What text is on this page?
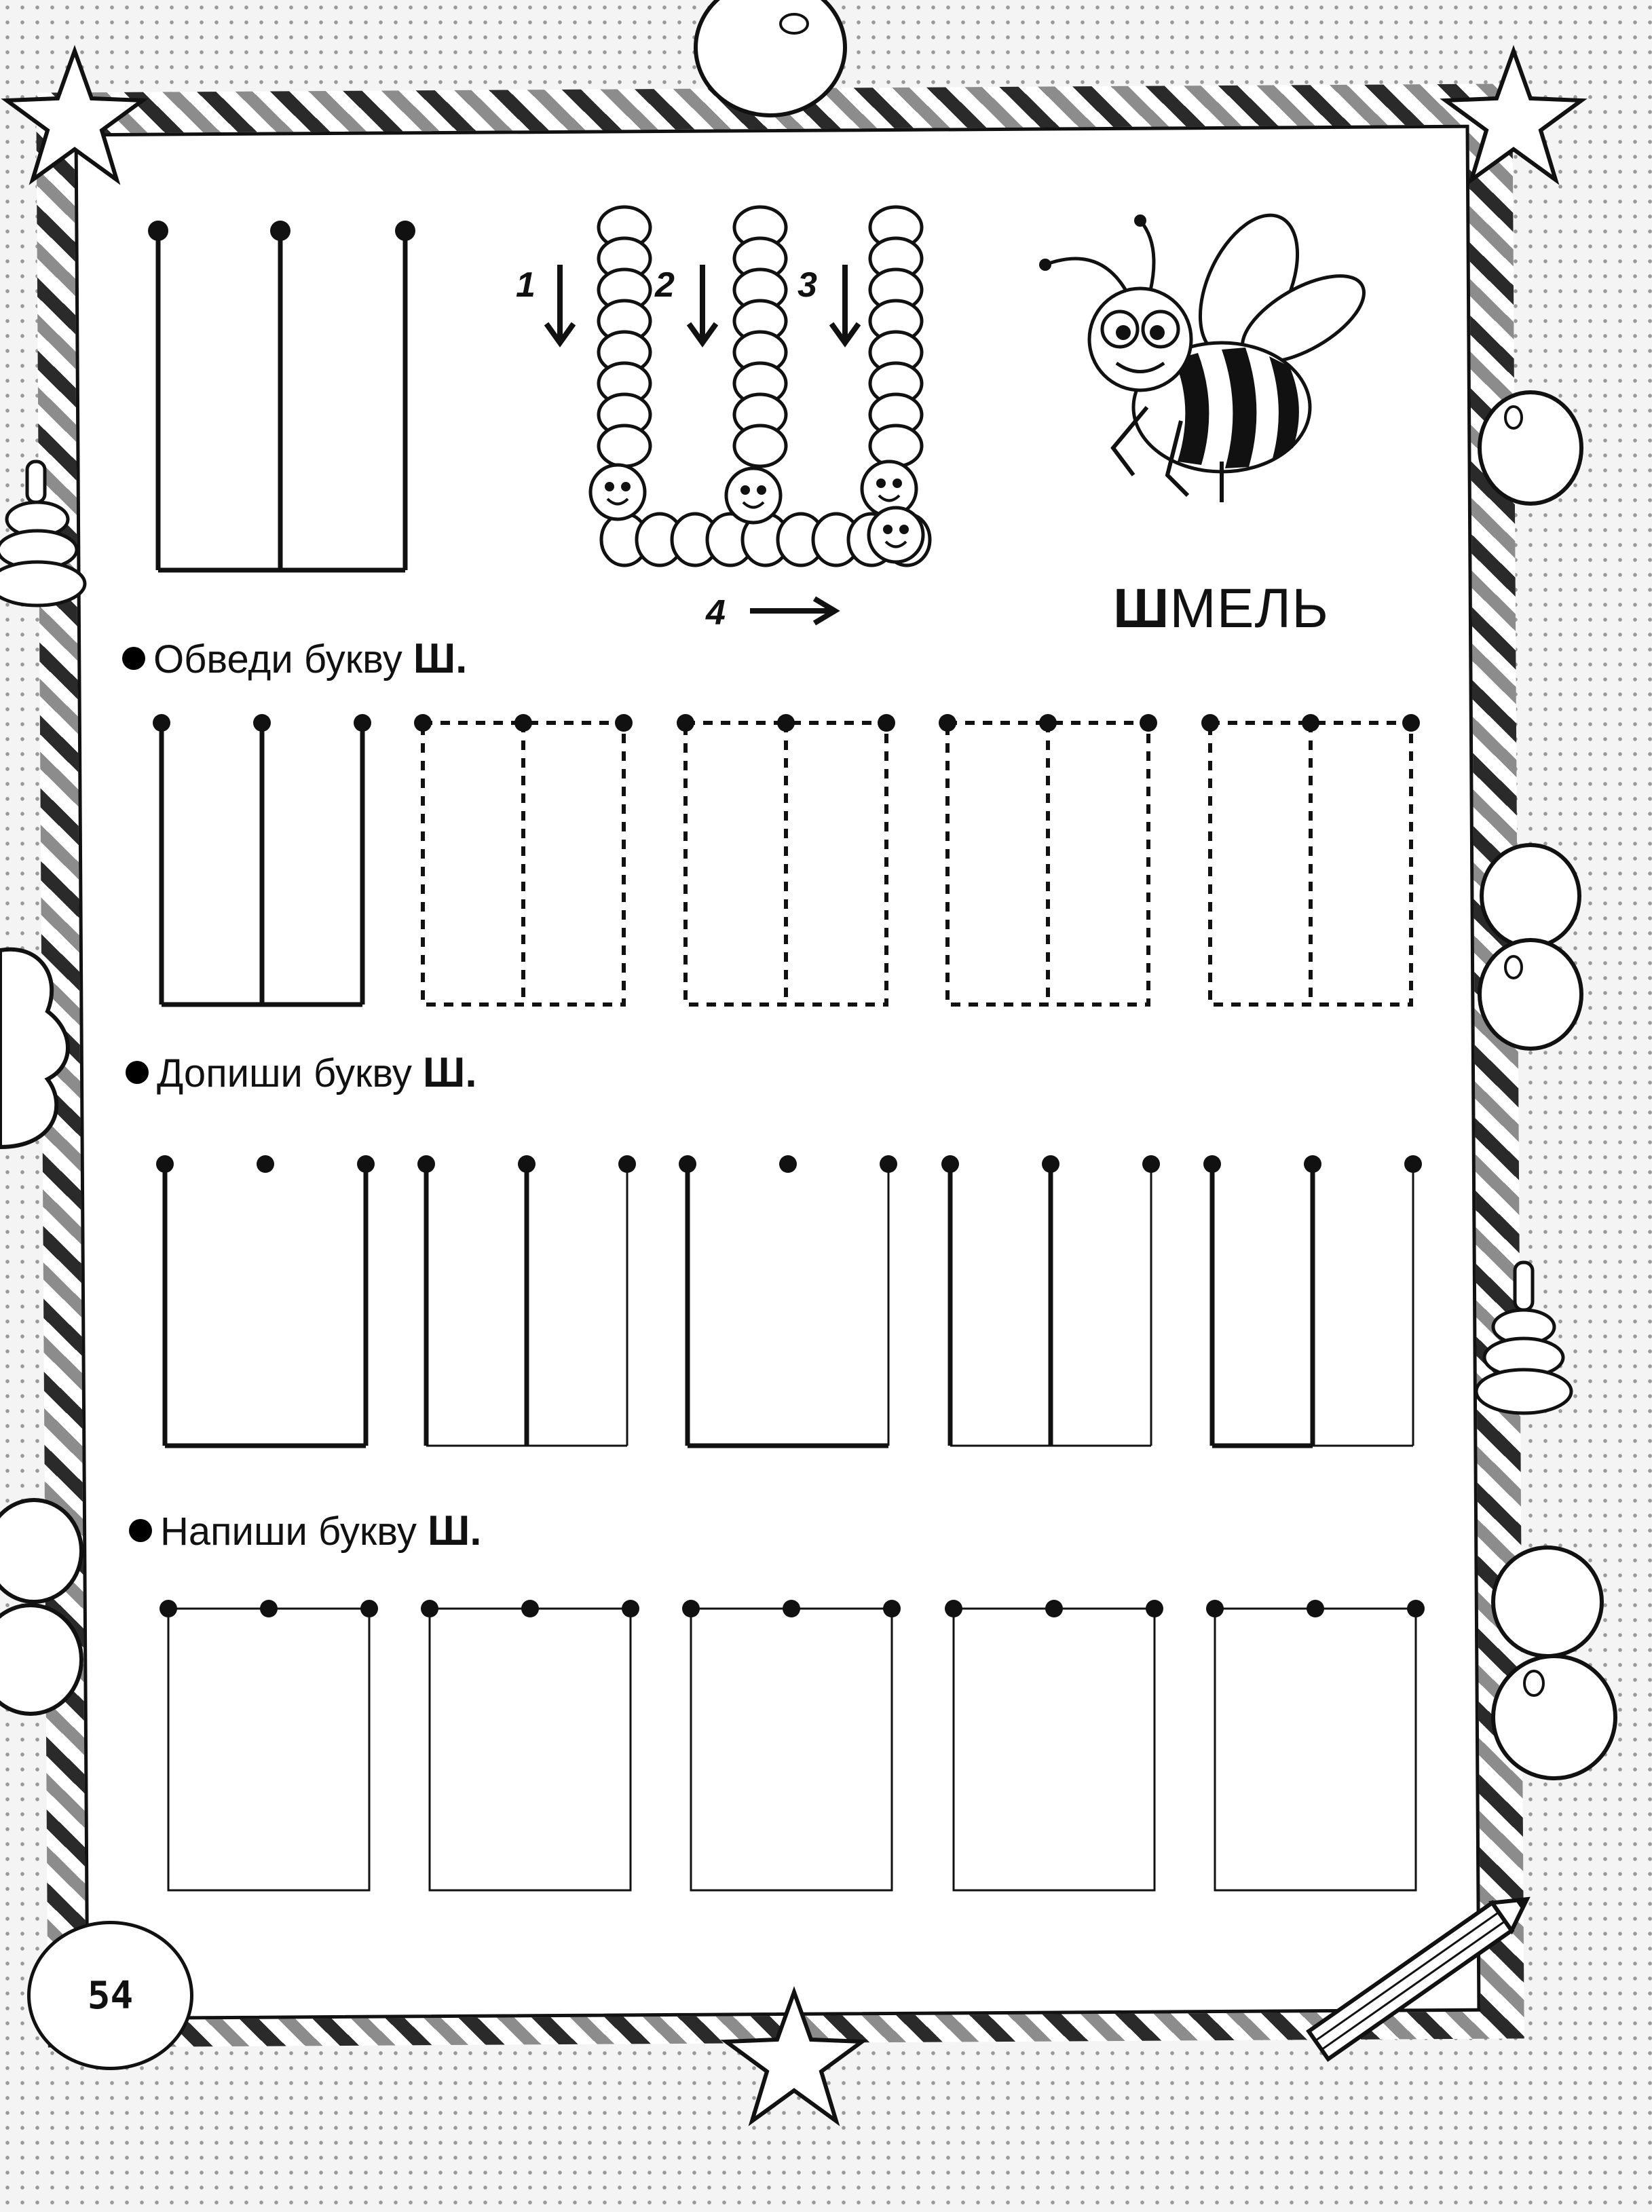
1	2	3
4	ШМЕЛЬ
Обведи букву Ш.
Допиши букву Ш.
Напиши букву Ш.
54
